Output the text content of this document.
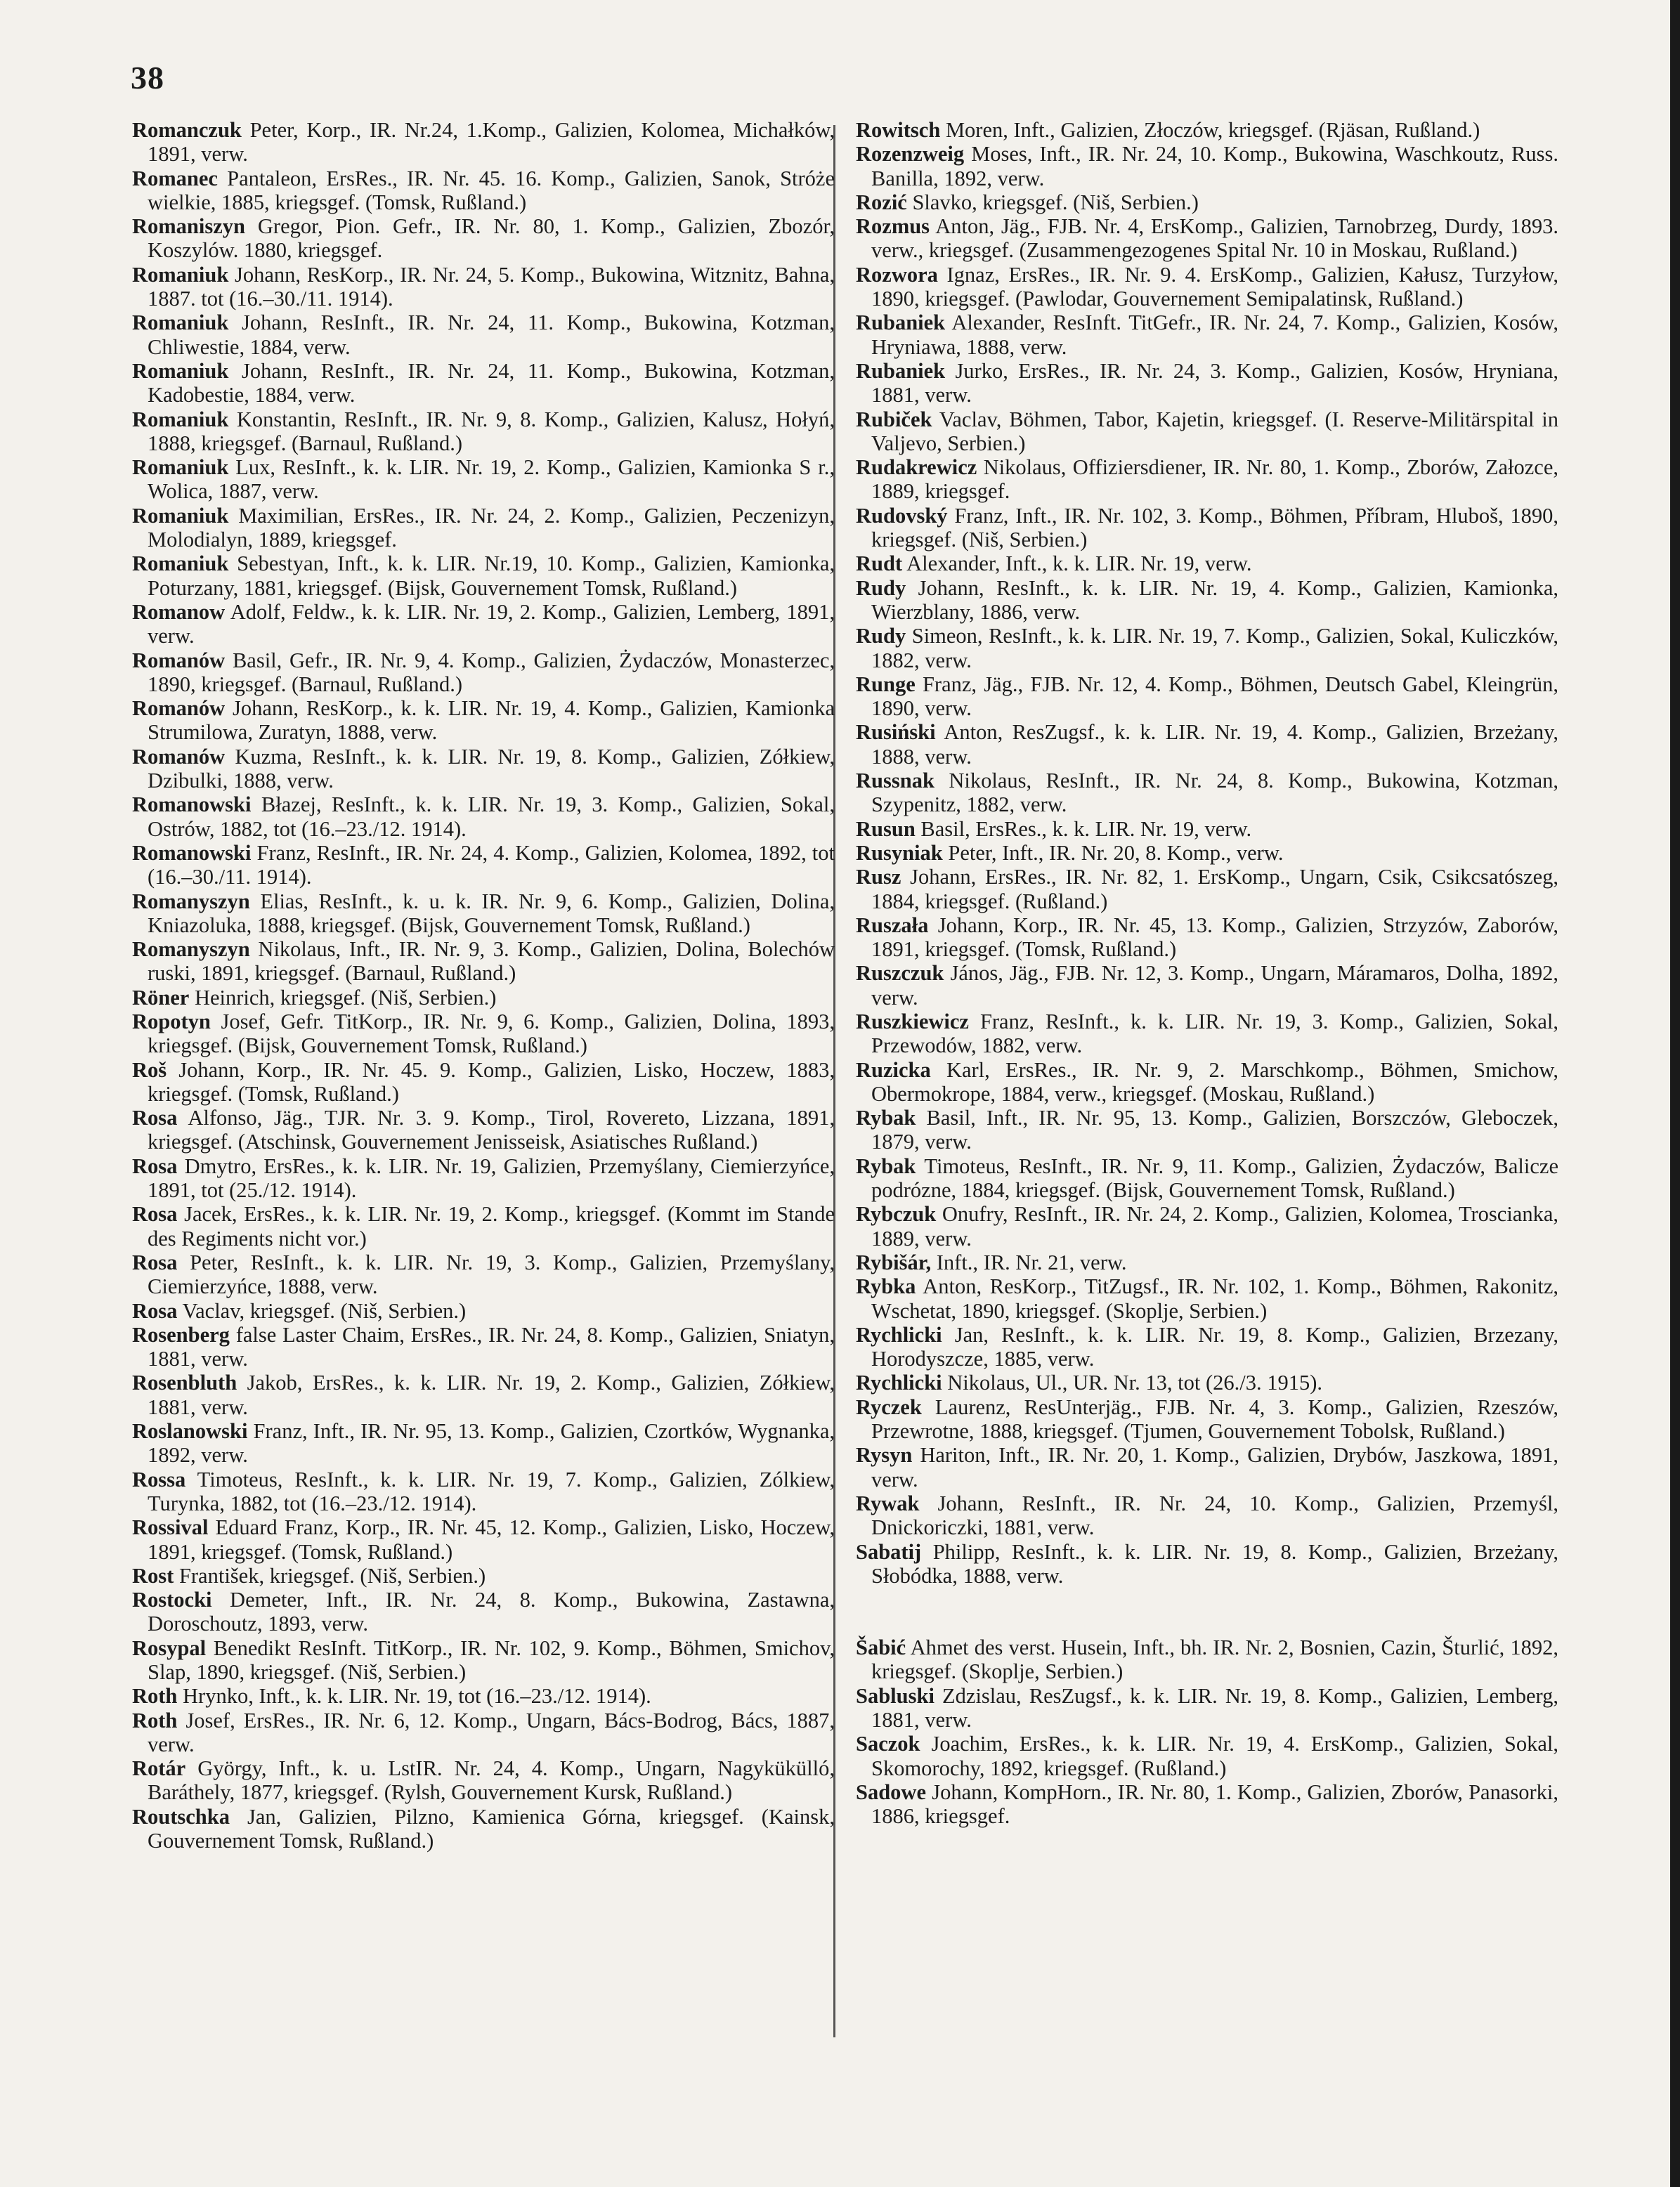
38
Romanczuk Peter, Korp., IR. Nr.24, 1.Komp., Galizien, Kolomea, Michałków, 1891, verw.
Romanec Pantaleon, ErsRes., IR. Nr. 45. 16. Komp., Galizien, Sanok, Stróże wielkie, 1885, kriegsgef. (Tomsk, Rußland.)
Romaniszyn Gregor, Pion. Gefr., IR. Nr. 80, 1. Komp., Galizien, Zbozór, Koszylów. 1880, kriegsgef.
Romaniuk Johann, ResKorp., IR. Nr. 24, 5. Komp., Bukowina, Witznitz, Bahna, 1887. tot (16.–30./11. 1914).
Romaniuk Johann, ResInft., IR. Nr. 24, 11. Komp., Bukowina, Kotzman, Chliwestie, 1884, verw.
Romaniuk Johann, ResInft., IR. Nr. 24, 11. Komp., Bukowina, Kotzman, Kadobestie, 1884, verw.
Romaniuk Konstantin, ResInft., IR. Nr. 9, 8. Komp., Galizien, Kalusz, Hołyń, 1888, kriegsgef. (Barnaul, Rußland.)
Romaniuk Lux, ResInft., k. k. LIR. Nr. 19, 2. Komp., Galizien, Kamionka S r., Wolica, 1887, verw.
Romaniuk Maximilian, ErsRes., IR. Nr. 24, 2. Komp., Galizien, Peczenizyn, Molodialyn, 1889, kriegsgef.
Romaniuk Sebestyan, Inft., k. k. LIR. Nr.19, 10. Komp., Galizien, Kamionka, Poturzany, 1881, kriegsgef. (Bijsk, Gouvernement Tomsk, Rußland.)
Romanow Adolf, Feldw., k. k. LIR. Nr. 19, 2. Komp., Galizien, Lemberg, 1891, verw.
Romanów Basil, Gefr., IR. Nr. 9, 4. Komp., Galizien, Żydaczów, Monasterzec, 1890, kriegsgef. (Barnaul, Rußland.)
Romanów Johann, ResKorp., k. k. LIR. Nr. 19, 4. Komp., Galizien, Kamionka Strumilowa, Zuratyn, 1888, verw.
Romanów Kuzma, ResInft., k. k. LIR. Nr. 19, 8. Komp., Galizien, Zółkiew, Dzibulki, 1888, verw.
Romanowski Błazej, ResInft., k. k. LIR. Nr. 19, 3. Komp., Galizien, Sokal, Ostrów, 1882, tot (16.–23./12. 1914).
Romanowski Franz, ResInft., IR. Nr. 24, 4. Komp., Galizien, Kolomea, 1892, tot (16.–30./11. 1914).
Romanyszyn Elias, ResInft., k. u. k. IR. Nr. 9, 6. Komp., Galizien, Dolina, Kniazoluka, 1888, kriegsgef. (Bijsk, Gouvernement Tomsk, Rußland.)
Romanyszyn Nikolaus, Inft., IR. Nr. 9, 3. Komp., Galizien, Dolina, Bolechów ruski, 1891, kriegsgef. (Barnaul, Rußland.)
Röner Heinrich, kriegsgef. (Niš, Serbien.)
Ropotyn Josef, Gefr. TitKorp., IR. Nr. 9, 6. Komp., Galizien, Dolina, 1893, kriegsgef. (Bijsk, Gouvernement Tomsk, Rußland.)
Roš Johann, Korp., IR. Nr. 45. 9. Komp., Galizien, Lisko, Hoczew, 1883, kriegsgef. (Tomsk, Rußland.)
Rosa Alfonso, Jäg., TJR. Nr. 3. 9. Komp., Tirol, Rovereto, Lizzana, 1891, kriegsgef. (Atschinsk, Gouvernement Jenisseisk, Asiatisches Rußland.)
Rosa Dmytro, ErsRes., k. k. LIR. Nr. 19, Galizien, Przemyślany, Ciemierzyńce, 1891, tot (25./12. 1914).
Rosa Jacek, ErsRes., k. k. LIR. Nr. 19, 2. Komp., kriegsgef. (Kommt im Stande des Regiments nicht vor.)
Rosa Peter, ResInft., k. k. LIR. Nr. 19, 3. Komp., Galizien, Przemyślany, Ciemierzyńce, 1888, verw.
Rosa Vaclav, kriegsgef. (Niš, Serbien.)
Rosenberg false Laster Chaim, ErsRes., IR. Nr. 24, 8. Komp., Galizien, Sniatyn, 1881, verw.
Rosenbluth Jakob, ErsRes., k. k. LIR. Nr. 19, 2. Komp., Galizien, Zółkiew, 1881, verw.
Roslanowski Franz, Inft., IR. Nr. 95, 13. Komp., Galizien, Czortków, Wygnanka, 1892, verw.
Rossa Timoteus, ResInft., k. k. LIR. Nr. 19, 7. Komp., Galizien, Zólkiew, Turynka, 1882, tot (16.–23./12. 1914).
Rossival Eduard Franz, Korp., IR. Nr. 45, 12. Komp., Galizien, Lisko, Hoczew, 1891, kriegsgef. (Tomsk, Rußland.)
Rost František, kriegsgef. (Niš, Serbien.)
Rostocki Demeter, Inft., IR. Nr. 24, 8. Komp., Bukowina, Zastawna, Doroschoutz, 1893, verw.
Rosypal Benedikt ResInft. TitKorp., IR. Nr. 102, 9. Komp., Böhmen, Smichov, Slap, 1890, kriegsgef. (Niš, Serbien.)
Roth Hrynko, Inft., k. k. LIR. Nr. 19, tot (16.–23./12. 1914).
Roth Josef, ErsRes., IR. Nr. 6, 12. Komp., Ungarn, Bács-Bodrog, Bács, 1887, verw.
Rotár György, Inft., k. u. LstIR. Nr. 24, 4. Komp., Ungarn, Nagykükülló, Baráthely, 1877, kriegsgef. (Rylsh, Gouvernement Kursk, Rußland.)
Routschka Jan, Galizien, Pilzno, Kamienica Górna, kriegsgef. (Kainsk, Gouvernement Tomsk, Rußland.)
Rowitsch Moren, Inft., Galizien, Złoczów, kriegsgef. (Rjäsan, Rußland.)
Rozenzweig Moses, Inft., IR. Nr. 24, 10. Komp., Bukowina, Waschkoutz, Russ. Banilla, 1892, verw.
Rozić Slavko, kriegsgef. (Niš, Serbien.)
Rozmus Anton, Jäg., FJB. Nr. 4, ErsKomp., Galizien, Tarnobrzeg, Durdy, 1893. verw., kriegsgef. (Zusammengezogenes Spital Nr. 10 in Moskau, Rußland.)
Rozwora Ignaz, ErsRes., IR. Nr. 9. 4. ErsKomp., Galizien, Kałusz, Turzyłow, 1890, kriegsgef. (Pawlodar, Gouvernement Semipalatinsk, Rußland.)
Rubaniek Alexander, ResInft. TitGefr., IR. Nr. 24, 7. Komp., Galizien, Kosów, Hryniawa, 1888, verw.
Rubaniek Jurko, ErsRes., IR. Nr. 24, 3. Komp., Galizien, Kosów, Hryniana, 1881, verw.
Rubiček Vaclav, Böhmen, Tabor, Kajetin, kriegsgef. (I. Reserve-Militärspital in Valjevo, Serbien.)
Rudakrewicz Nikolaus, Offiziersdiener, IR. Nr. 80, 1. Komp., Zborów, Załozce, 1889, kriegsgef.
Rudovský Franz, Inft., IR. Nr. 102, 3. Komp., Böhmen, Příbram, Hluboš, 1890, kriegsgef. (Niš, Serbien.)
Rudt Alexander, Inft., k. k. LIR. Nr. 19, verw.
Rudy Johann, ResInft., k. k. LIR. Nr. 19, 4. Komp., Galizien, Kamionka, Wierzblany, 1886, verw.
Rudy Simeon, ResInft., k. k. LIR. Nr. 19, 7. Komp., Galizien, Sokal, Kuliczków, 1882, verw.
Runge Franz, Jäg., FJB. Nr. 12, 4. Komp., Böhmen, Deutsch Gabel, Kleingrün, 1890, verw.
Rusiński Anton, ResZugsf., k. k. LIR. Nr. 19, 4. Komp., Galizien, Brzeżany, 1888, verw.
Russnak Nikolaus, ResInft., IR. Nr. 24, 8. Komp., Bukowina, Kotzman, Szypenitz, 1882, verw.
Rusun Basil, ErsRes., k. k. LIR. Nr. 19, verw.
Rusyniak Peter, Inft., IR. Nr. 20, 8. Komp., verw.
Rusz Johann, ErsRes., IR. Nr. 82, 1. ErsKomp., Ungarn, Csik, Csikcsatószeg, 1884, kriegsgef. (Rußland.)
Ruszała Johann, Korp., IR. Nr. 45, 13. Komp., Galizien, Strzyzów, Zaborów, 1891, kriegsgef. (Tomsk, Rußland.)
Ruszczuk János, Jäg., FJB. Nr. 12, 3. Komp., Ungarn, Máramaros, Dolha, 1892, verw.
Ruszkiewicz Franz, ResInft., k. k. LIR. Nr. 19, 3. Komp., Galizien, Sokal, Przewodów, 1882, verw.
Ruzicka Karl, ErsRes., IR. Nr. 9, 2. Marschkomp., Böhmen, Smichow, Obermokrope, 1884, verw., kriegsgef. (Moskau, Rußland.)
Rybak Basil, Inft., IR. Nr. 95, 13. Komp., Galizien, Borszczów, Gleboczek, 1879, verw.
Rybak Timoteus, ResInft., IR. Nr. 9, 11. Komp., Galizien, Żydaczów, Balicze podrózne, 1884, kriegsgef. (Bijsk, Gouvernement Tomsk, Rußland.)
Rybczuk Onufry, ResInft., IR. Nr. 24, 2. Komp., Galizien, Kolomea, Troscianka, 1889, verw.
Rybišár, Inft., IR. Nr. 21, verw.
Rybka Anton, ResKorp., TitZugsf., IR. Nr. 102, 1. Komp., Böhmen, Rakonitz, Wschetat, 1890, kriegsgef. (Skoplje, Serbien.)
Rychlicki Jan, ResInft., k. k. LIR. Nr. 19, 8. Komp., Galizien, Brzezany, Horodyszcze, 1885, verw.
Rychlicki Nikolaus, Ul., UR. Nr. 13, tot (26./3. 1915).
Ryczek Laurenz, ResUnterjäg., FJB. Nr. 4, 3. Komp., Galizien, Rzeszów, Przewrotne, 1888, kriegsgef. (Tjumen, Gouvernement Tobolsk, Rußland.)
Rysyn Hariton, Inft., IR. Nr. 20, 1. Komp., Galizien, Drybów, Jaszkowa, 1891, verw.
Rywak Johann, ResInft., IR. Nr. 24, 10. Komp., Galizien, Przemyśl, Dnickoriczki, 1881, verw.
Sabatij Philipp, ResInft., k. k. LIR. Nr. 19, 8. Komp., Galizien, Brzeżany, Słobódka, 1888, verw.
Šabić Ahmet des verst. Husein, Inft., bh. IR. Nr. 2, Bosnien, Cazin, Šturlić, 1892, kriegsgef. (Skoplje, Serbien.)
Sabluski Zdzislau, ResZugsf., k. k. LIR. Nr. 19, 8. Komp., Galizien, Lemberg, 1881, verw.
Saczok Joachim, ErsRes., k. k. LIR. Nr. 19, 4. ErsKomp., Galizien, Sokal, Skomorochy, 1892, kriegsgef. (Rußland.)
Sadowe Johann, KompHorn., IR. Nr. 80, 1. Komp., Galizien, Zborów, Panasorki, 1886, kriegsgef.
